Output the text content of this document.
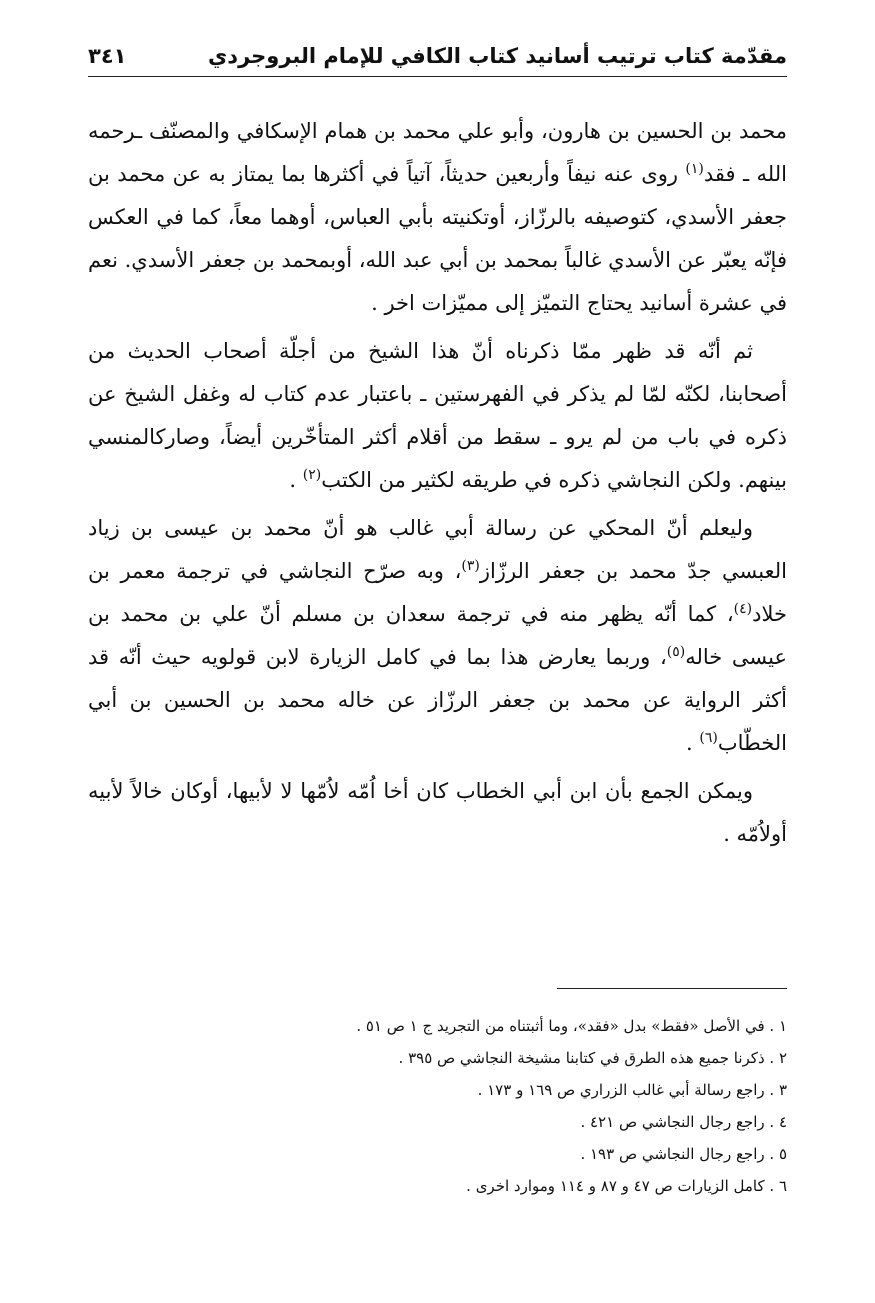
مقدّمة كتاب ترتيب أسانيد كتاب الكافي للإمام البروجردي
٣٤١

محمد بن الحسين بن هارون، وأبو علي محمد بن همام الإسكافي والمصنّف ـرحمه الله ـ فقد$^{(١)}$ روى عنه نيفاً وأربعين حديثاً، آتياً في أكثرها بما يمتاز به عن محمد بن جعفر الأسدي، كتوصيفه بالرزّاز، أوتكنيته بأبي العباس، أوهما معاً، كما في العكس فإنّه يعبّر عن الأسدي غالباً بمحمد بن أبي عبد الله، أوبمحمد بن جعفر الأسدي. نعم في عشرة أسانيد يحتاج التميّز إلى مميّزات اخر .

ثم أنّه قد ظهر ممّا ذكرناه أنّ هذا الشيخ من أجلّة أصحاب الحديث من أصحابنا، لكنّه لمّا لم يذكر في الفهرستين ـ باعتبار عدم كتاب له وغفل الشيخ عن ذكره في باب من لم يرو ـ سقط من أقلام أكثر المتأخّرين أيضاً، وصاركالمنسي بينهم. ولكن النجاشي ذكره في طريقه لكثير من الكتب$^{(٢)}$ .

وليعلم أنّ المحكي عن رسالة أبي غالب هو أنّ محمد بن عيسى بن زياد العبسي جدّ محمد بن جعفر الرزّاز$^{(٣)}$، وبه صرّح النجاشي في ترجمة معمر بن خلاد$^{(٤)}$، كما أنّه يظهر منه في ترجمة سعدان بن مسلم أنّ علي بن محمد بن عيسى خاله$^{(٥)}$، وربما يعارض هذا بما في كامل الزيارة لابن قولويه حيث أنّه قد أكثر الرواية عن محمد بن جعفر الرزّاز عن خاله محمد بن الحسين بن أبي الخطّاب$^{(٦)}$ .

ويمكن الجمع بأن ابن أبي الخطاب كان أخا اُمّه لاُمّها لا لأبيها، أوكان خالاً لأبيه أولاُمّه .

١ . في الأصل «فقط» بدل «فقد»، وما أثبتناه من التجريد ج ١ ص ٥١ .
٢ . ذكرنا جميع هذه الطرق في كتابنا مشيخة النجاشي ص ٣٩٥ .
٣ . راجع رسالة أبي غالب الزراري ص ١٦٩ و ١٧٣ .
٤ . راجع رجال النجاشي ص ٤٢١ .
٥ . راجع رجال النجاشي ص ١٩٣ .
٦ . كامل الزيارات ص ٤٧ و ٨٧ و ١١٤ وموارد اخرى .
